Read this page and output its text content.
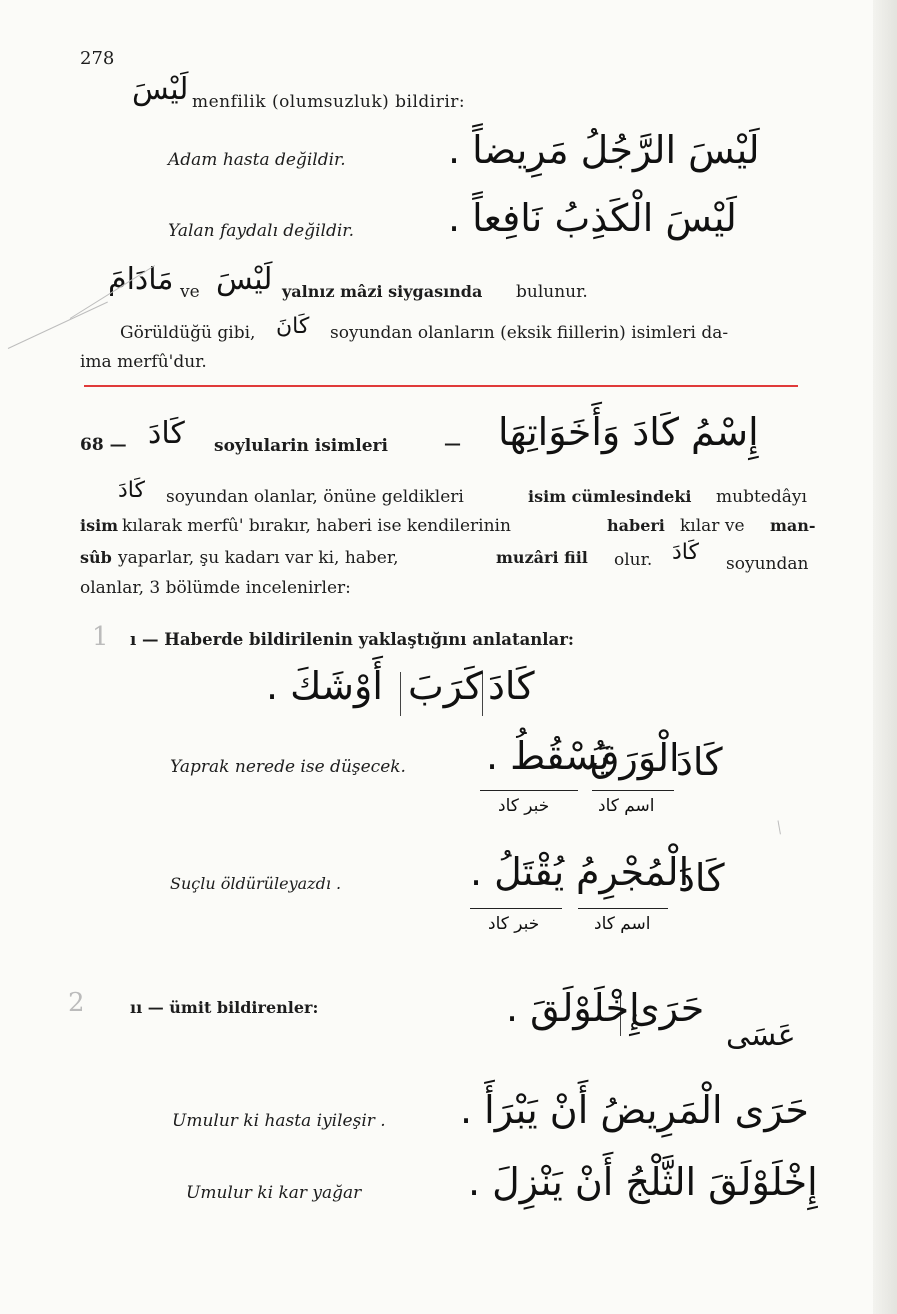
278
لَيْسَ menfilik (olumsuzluk) bildirir:
Adam hasta değildir.	لَيْسَ الرَّجُلُ مَرِيضاً .
Yalan faydalı değildir. لَيْسَ الْكَذِبُ نَافِعاً .
مَادَامَ ve لَيْسَ yalnız mâzi siygasında bulunur.
Görüldüğü gibi, كَانَ soyundan olanların (eksik fiillerin) isimleri da-
ima merfû'dur.
68 — كَادَ soylularin isimleri	— إِسْمُ كَادَ وَأَخَوَاتِهَا
كَادَ soyundan olanlar, önüne geldikleri	isim cümlesindeki mubtedâyı
isim kılarak merfû' bırakır, haberi ise kendilerinin	haberi kılar ve man-
sûb yaparlar, şu kadarı var ki, haber,	muzâri fiil olur. كَادَ soyundan
olanlar, 3 bölümde incelenirler:
1 ı — Haberde bildirilenin yaklaştığını anlatanlar:
كَادَ
كَرَبَ
أَوْشَكَ .
Yaprak nerede ise düşecek.	كَادَ
الْوَرَقُ
يَسْقُطُ .
اسم كاد
خبر كاد
Suçlu öldürüleyazdı .	كَادَ
الْمُجْرِمُ
يُقْتَلُ .
اسم كاد
خبر كاد
2	ıı — ümit bildirenler:
عَسَى
حَرَى
إِخْلَوْلَقَ .
Umulur ki hasta iyileşir . حَرَى الْمَرِيضُ أَنْ يَبْرَأَ .
Umulur ki kar yağar	إِخْلَوْلَقَ الثَّلْجُ أَنْ يَنْزِلَ .
